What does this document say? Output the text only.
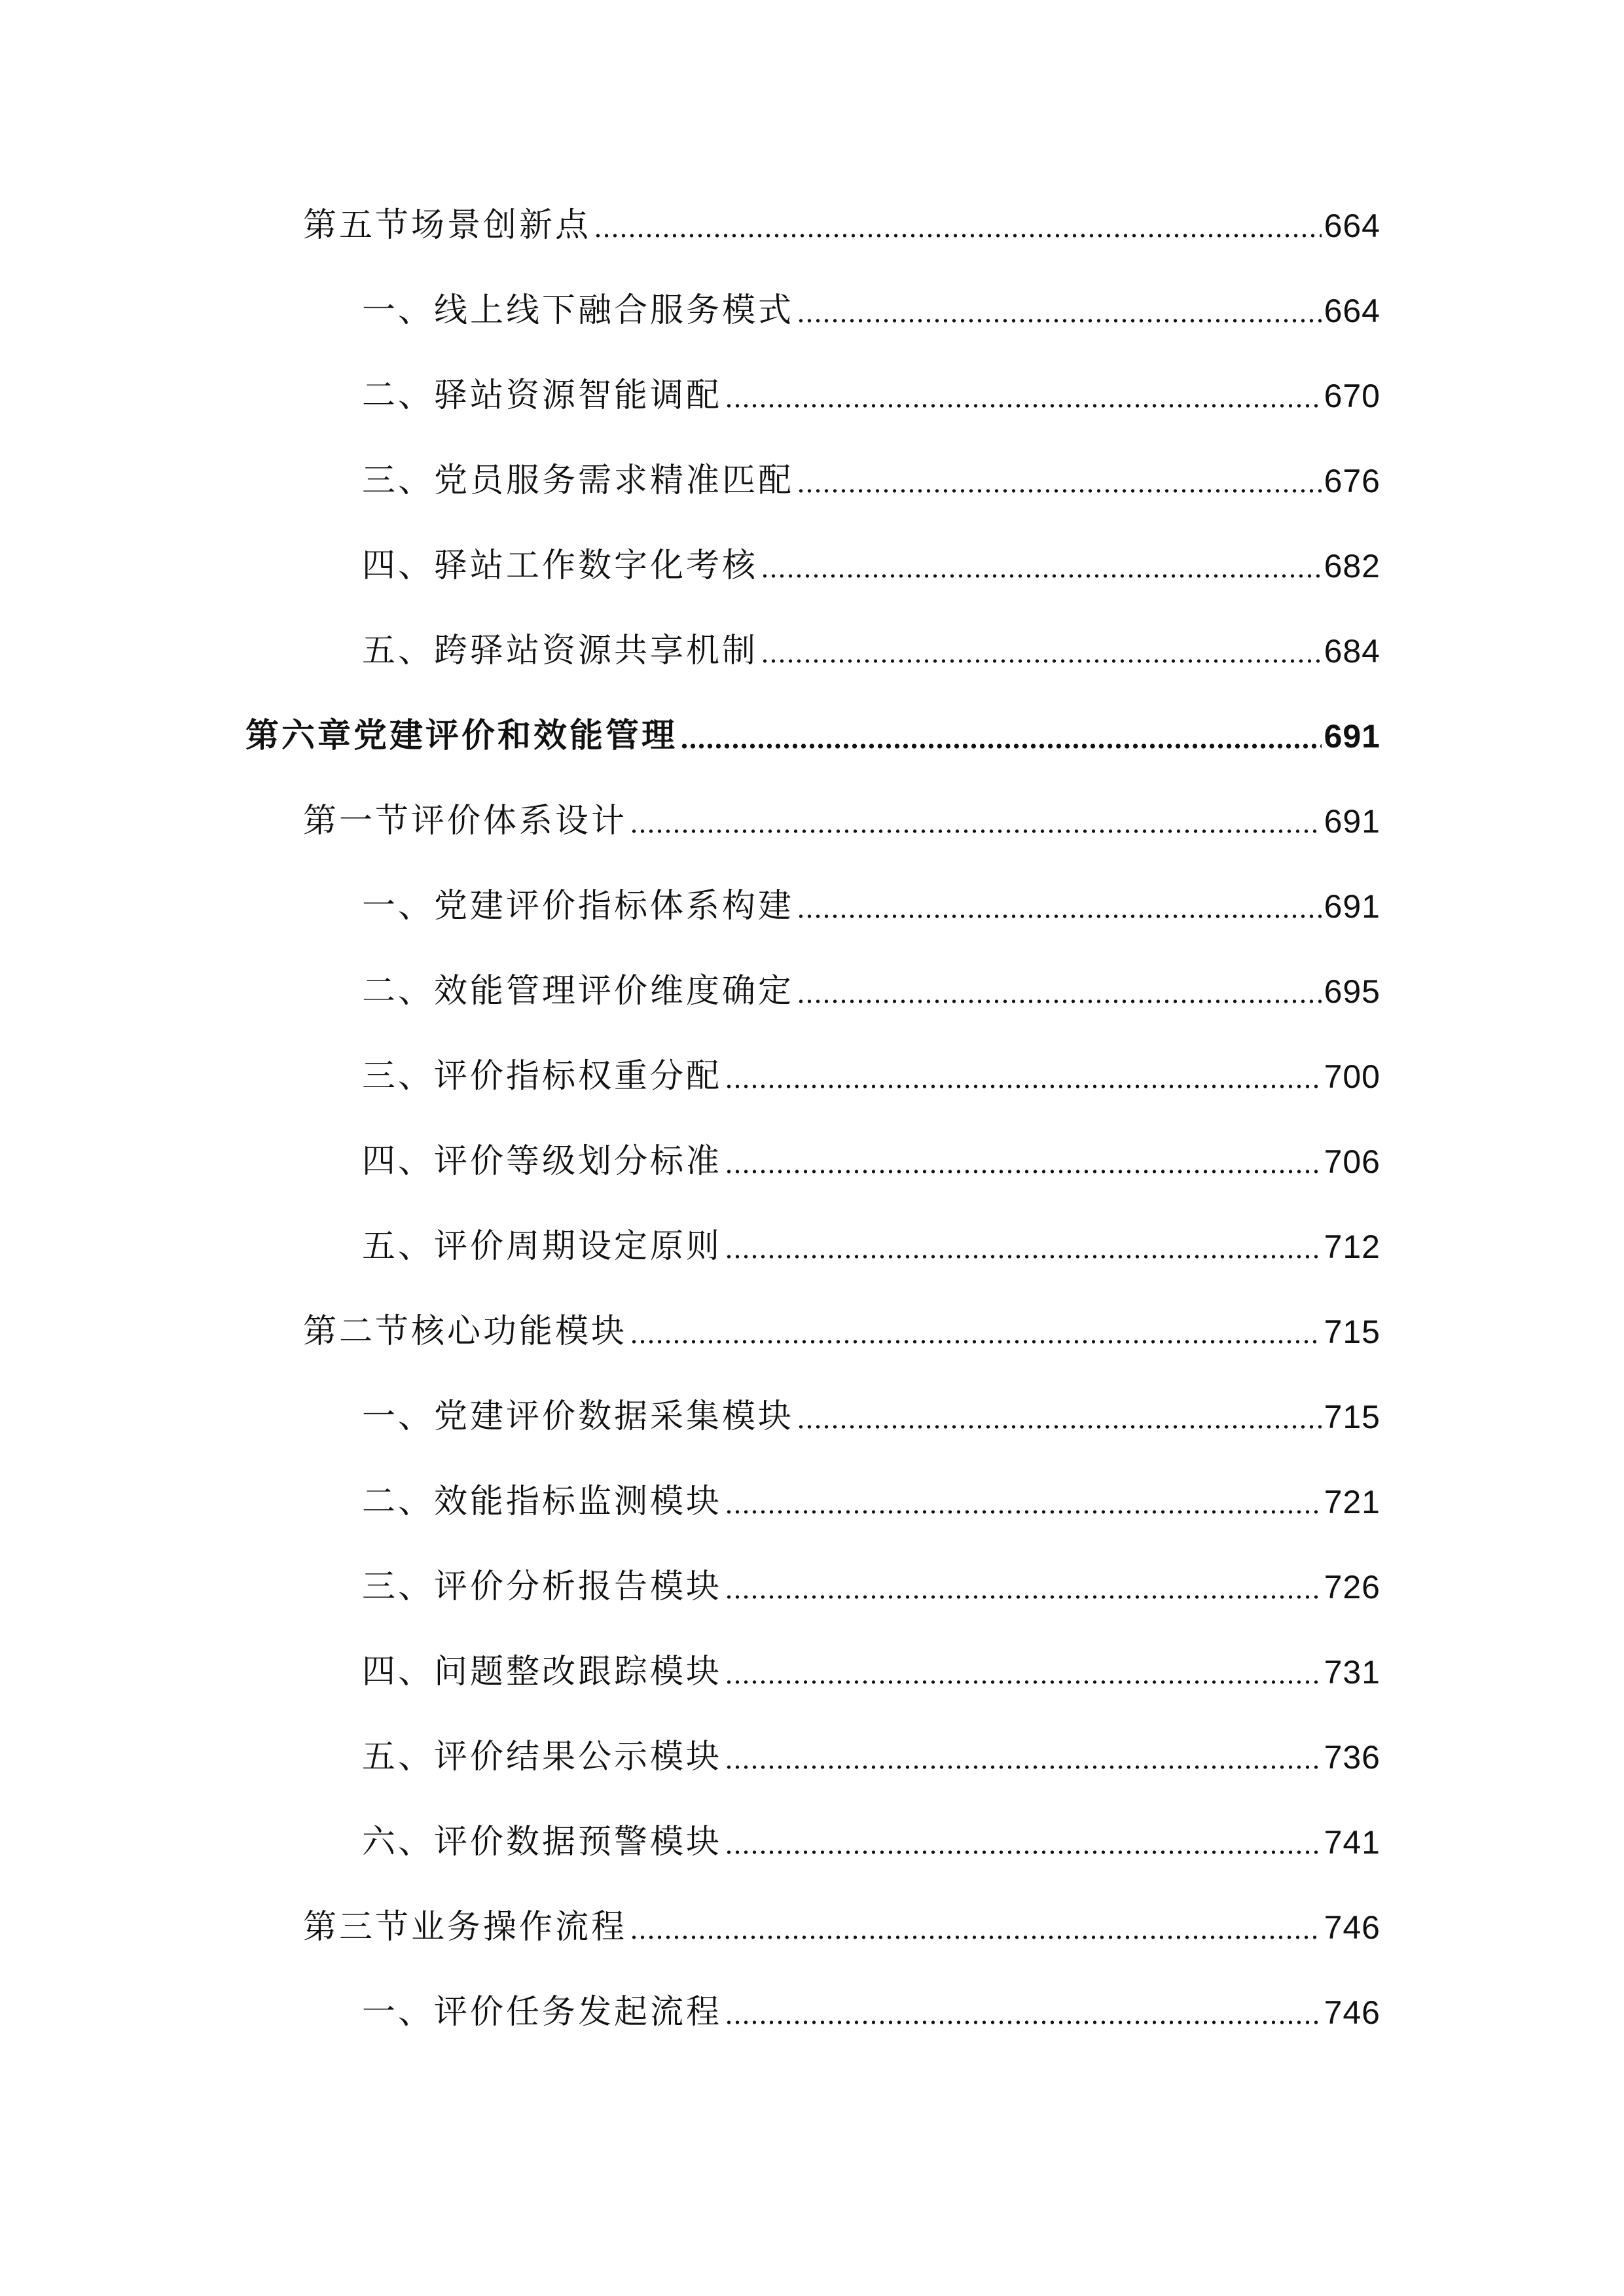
第五节场景创新点	664
一、线上线下融合服务模式	664
二、驿站资源智能调配	670
三、党员服务需求精准匹配	676
四、驿站工作数字化考核	682
五、跨驿站资源共享机制	684
第六章党建评价和效能管理	691
第一节评价体系设计	691
一、党建评价指标体系构建	691
二、效能管理评价维度确定	695
三、评价指标权重分配	700
四、评价等级划分标准	706
五、评价周期设定原则	712
第二节核心功能模块	715
一、党建评价数据采集模块	715
二、效能指标监测模块	721
三、评价分析报告模块	726
四、问题整改跟踪模块	731
五、评价结果公示模块	736
六、评价数据预警模块	741
第三节业务操作流程	746
一、评价任务发起流程	746
